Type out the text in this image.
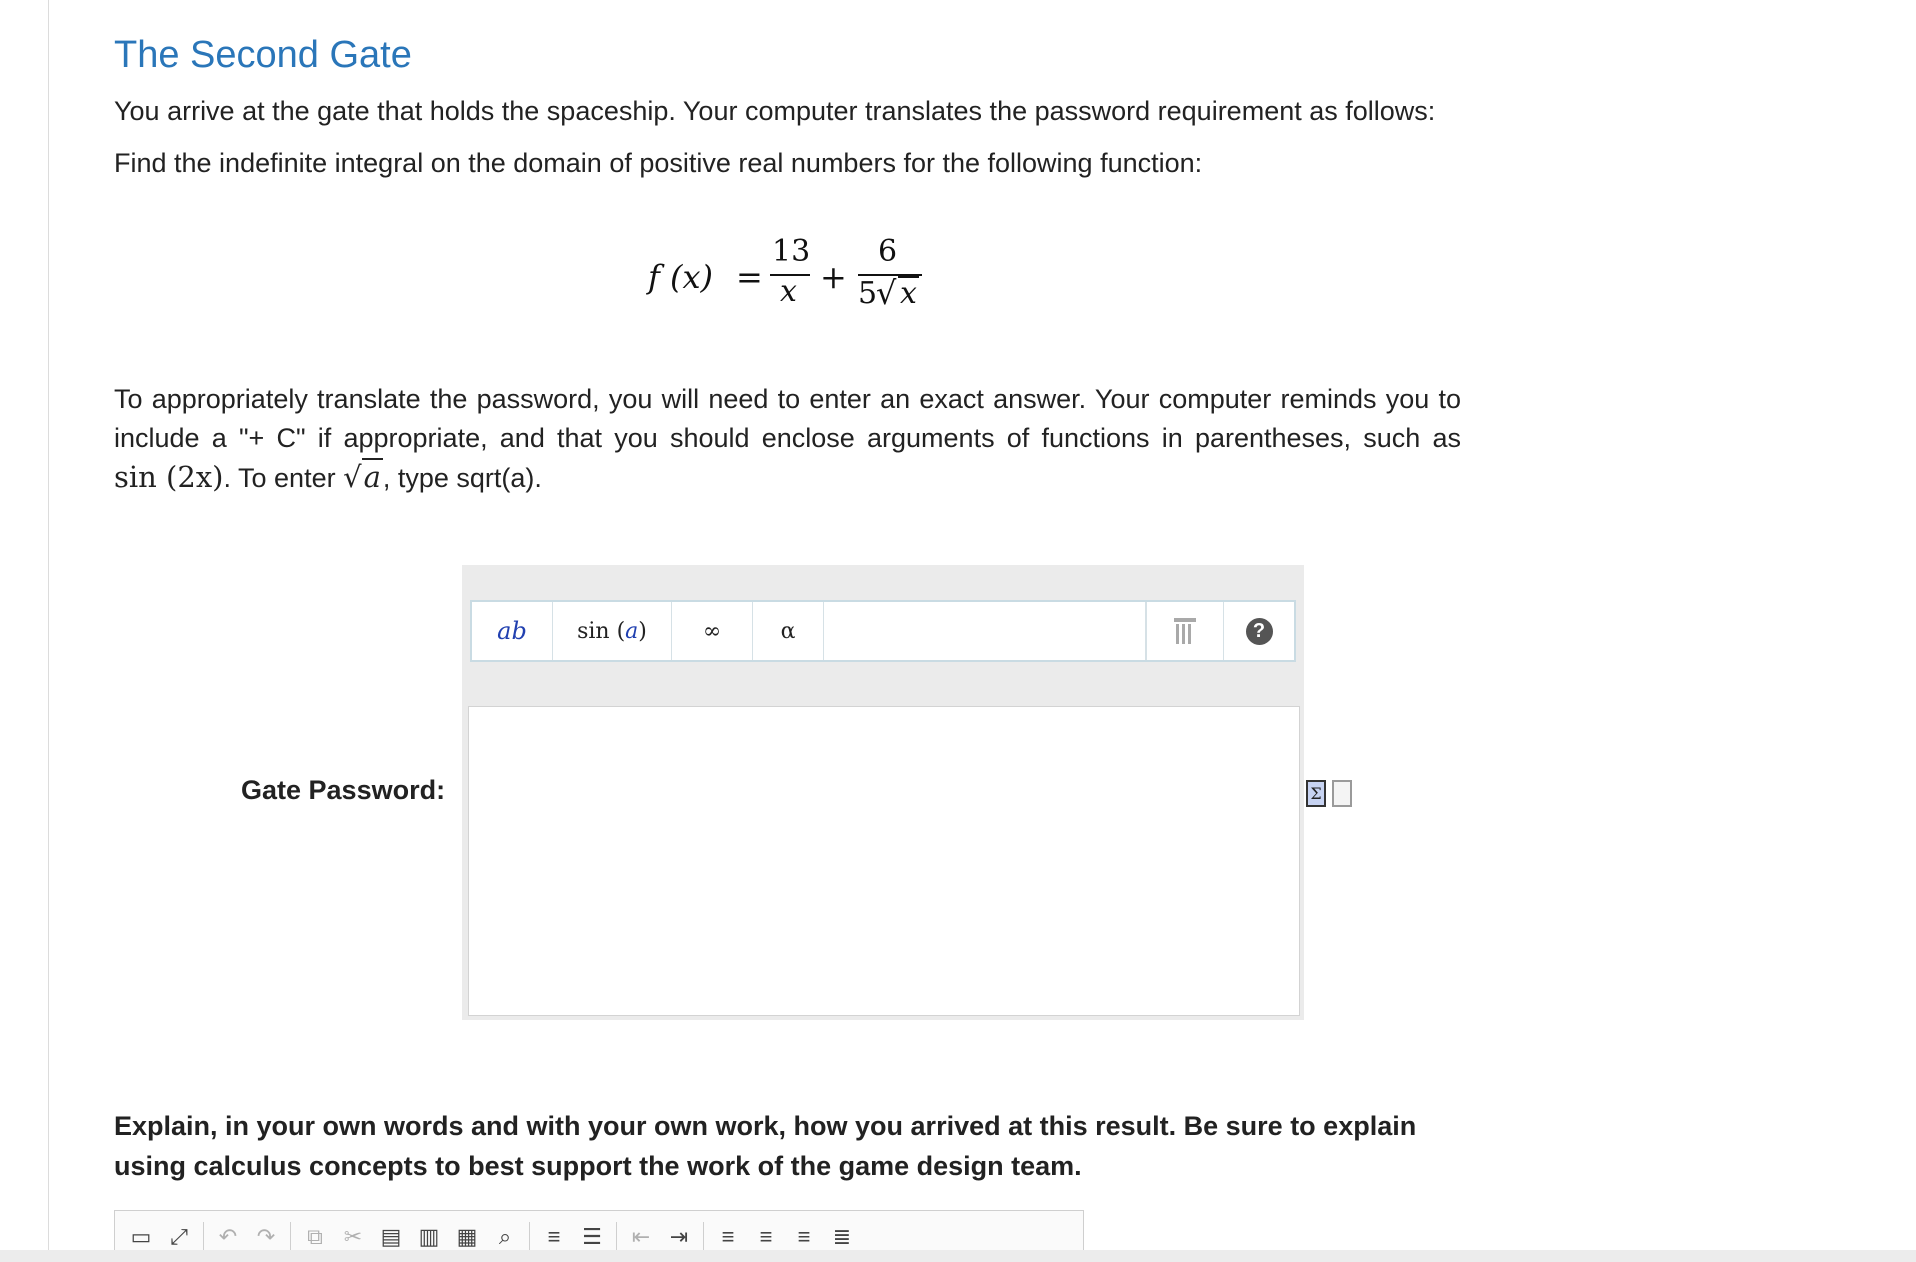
The Second Gate

You arrive at the gate that holds the spaceship. Your computer translates the password requirement as follows:

Find the indefinite integral on the domain of positive real numbers for the following function:

f (x) =
13
x +
6
5
√ x
To appropriately translate the password, you will need to enter an exact answer. Your computer reminds you to
include a "+ C" if appropriate, and that you should enclose arguments of functions in parentheses, such as
sin (2x). To enter √a, type sqrt(a).
a b sin ( a )	∞	α	?

Gate Password:	Σ

Explain, in your own words and with your own work, how you arrived at this result. Be sure to explain using calculus concepts to best support the work of the game design team.

▭ ⤢	↶ ↷	⧉ ✂ ▤ ▥ ▦ ⌕	≡ ☰	⇤ ⇥	≡	≡	≡	≣
